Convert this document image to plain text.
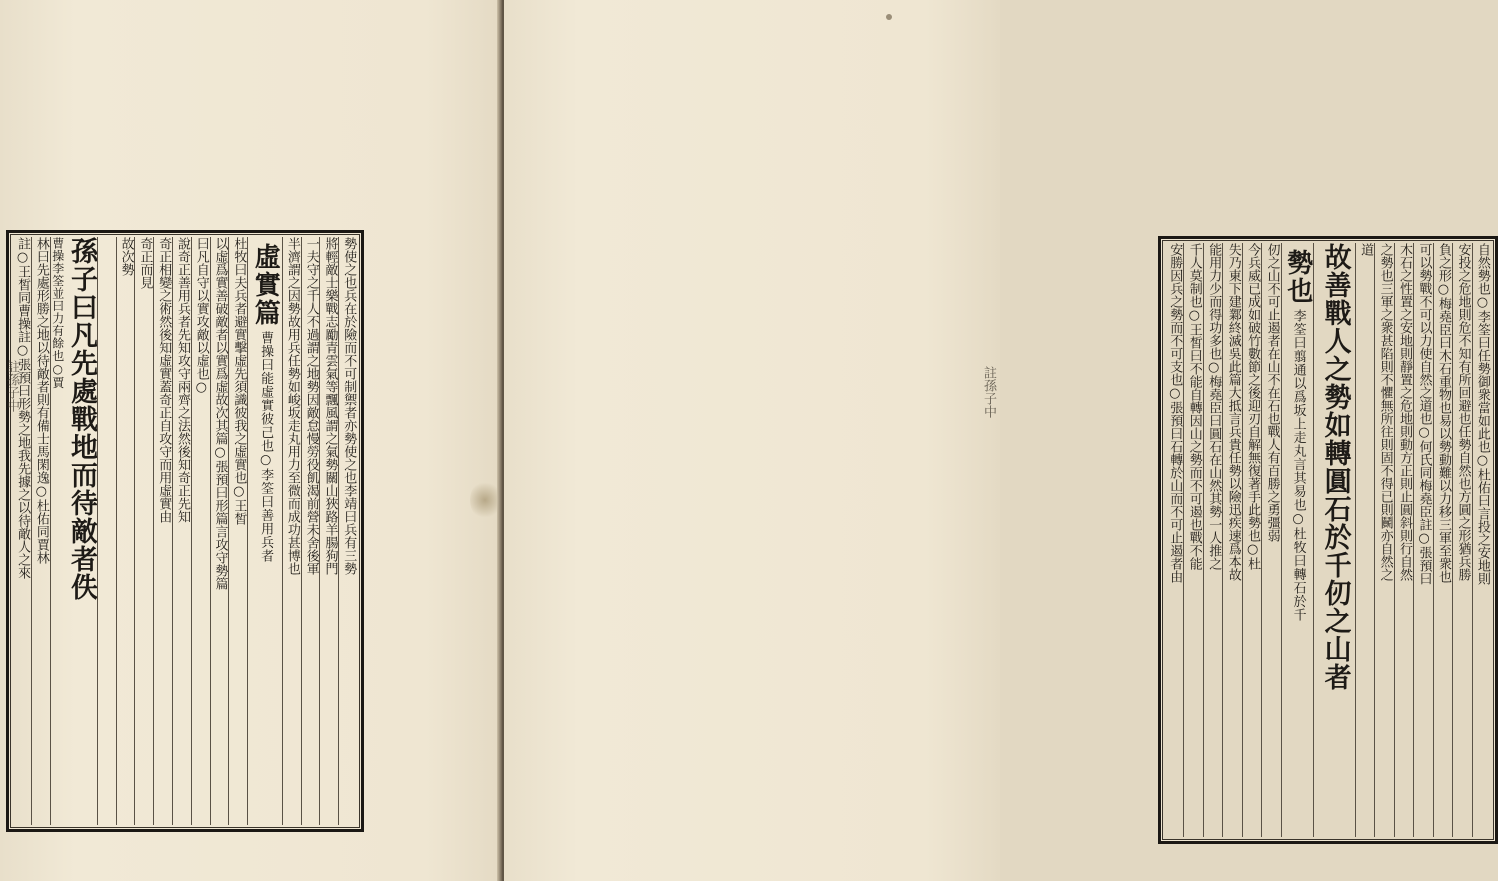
勢使之也兵在於險而不可制禦者亦勢使之也李靖曰兵有三勢
將輕敵士樂戰志勵青雲氣等飄風謂之氣勢關山狹路羊腸狗門
一夫守之千人不過謂之地勢因敵怠慢勞役飢渴前營未舍後軍
半濟謂之因勢故用兵任勢如峻坂走丸用力至微而成功甚博也
虛實篇
曹操曰能虛實彼己也○李筌曰善用兵者
杜牧曰夫兵者避實擊虛先須識彼我之虛實也○王皙
以虛爲實善破敵者以實爲虛故次其篇○張預曰形篇言攻守勢篇
曰凡自守以實攻敵以虛也○
說奇正善用兵者先知攻守兩齊之法然後知奇正先知
奇正相變之術然後知虛實蓋奇正自攻守而用虛實由
奇正而見
故次勢
孫子曰凡先處戰地而待敵者佚
曹操李筌並曰力有餘也○賈
林曰先處形勝之地以待敵者則有備士馬閑逸○杜佑同賈林
註○王皙同曹操註○張預曰形勢之地我先據之以待敵人之來
註孫子中	自然勢也○李筌曰任勢御衆當如此也○杜佑曰言投之安地則
安投之危地則危不知有所回避也任勢自然也方圓之形猶兵勝
負之形○梅堯臣曰木石重物也易以勢動難以力移三軍至衆也
可以勢戰不可以力使自然之道也○何氏同梅堯臣註○張預曰
木石之性置之安地則靜置之危地則動方正則止圓斜則行自然
之勢也三軍之衆甚陷則不懼無所往則固不得已則鬭亦自然之
道
故善戰人之勢如轉圓石於千仞之山者
勢也
李筌曰翦通以爲坂上走丸言其易也○杜牧曰轉石於千
仞之山不可止遏者在山不在石也戰人有百勝之勇彊弱
今兵威已成如破竹數節之後迎刃自解無復著手此勢也○杜
失乃東下建鄴終滅吳此篇大抵言兵貴任勢以險迅疾速爲本故
能用力少而得功多也○梅堯臣曰圓石在山然其勢一人推之
千人莫制也○王皙曰不能自轉因山之勢而不可遏也戰不能
安勝因兵之勢而不可支也○張預曰石轉於山而不可止遏者由
註孫子中
